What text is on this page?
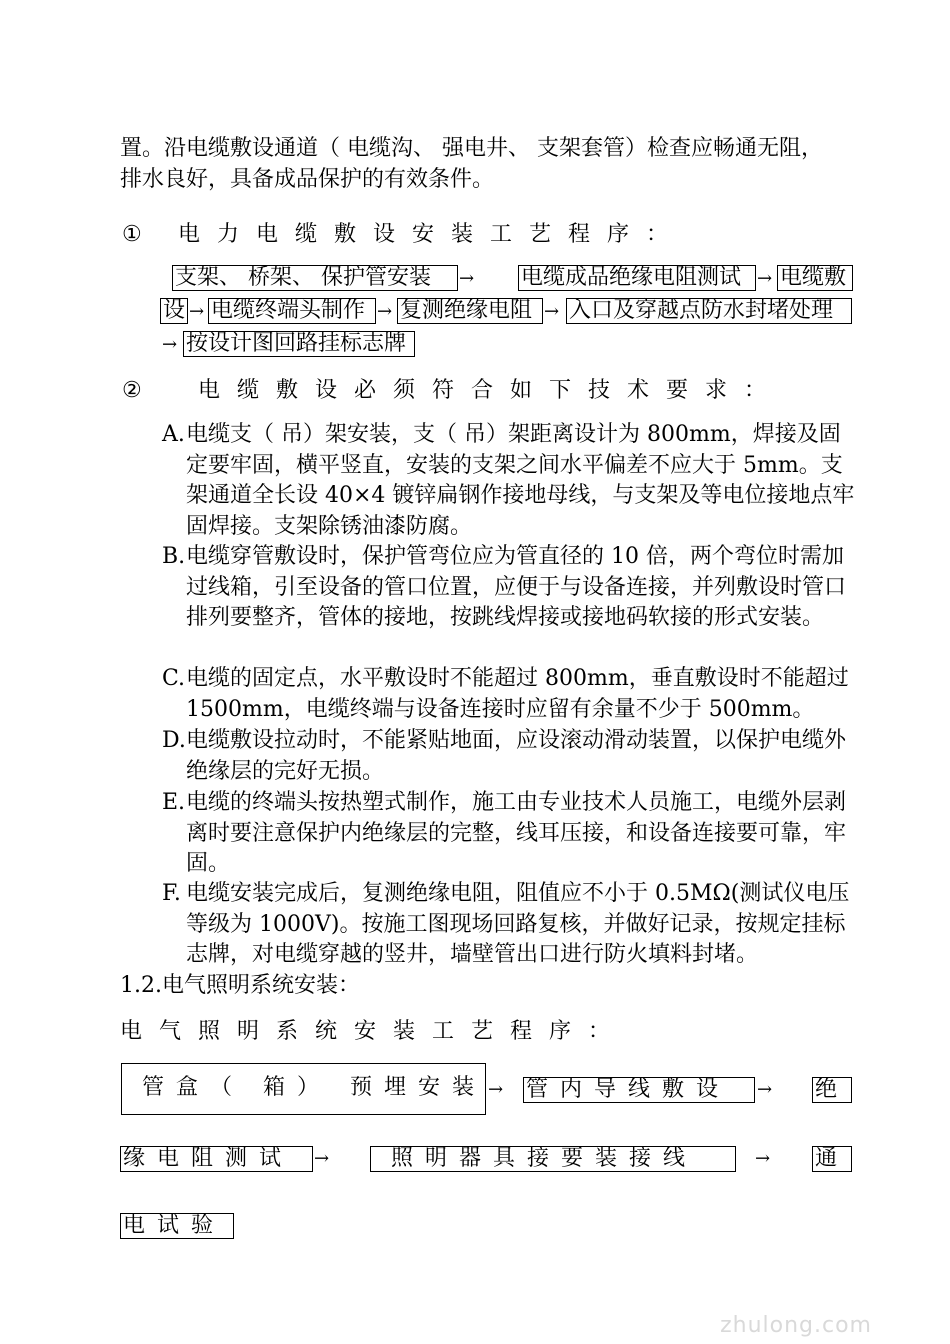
置。沿电缆敷设通道（ 电缆沟、 强电井、 支架套管）检查应畅通无阻，
排水良好，具备成品保护的有效条件。
① 电力电缆敷设安装工艺程序：
支架、 桥架、 保护管安装	→ 电缆成品绝缘电阻测试 → 电缆敷
设 → 电缆终端头制作 → 复测绝缘电阻 → 入口及穿越点防水封堵处理
→ 按设计图回路挂标志牌
②	电缆敷设必须符合如下技术要求：
A. 电缆支（ 吊）架安装，支（ 吊）架距离设计为 800mm，焊接及固定要牢固，横平竖直，安装的支架之间水平偏差不应大于 5mm。支架通道全长设 40×4 镀锌扁钢作接地母线，与支架及等电位接地点牢固焊接。支架除锈油漆防腐。
B. 电缆穿管敷设时，保护管弯位应为管直径的 10 倍，两个弯位时需加过线箱，引至设备的管口位置，应便于与设备连接，并列敷设时管口排列要整齐，管体的接地，按跳线焊接或接地码软接的形式安装。
C. 电缆的固定点，水平敷设时不能超过 800mm，垂直敷设时不能超过 1500mm，电缆终端与设备连接时应留有余量不少于 500mm。
D. 电缆敷设拉动时，不能紧贴地面，应设滚动滑动装置，以保护电缆外绝缘层的完好无损。
E. 电缆的终端头按热塑式制作，施工由专业技术人员施工，电缆外层剥离时要注意保护内绝缘层的完整，线耳压接，和设备连接要可靠，牢固。
F. 电缆安装完成后，复测绝缘电阻，阻值应不小于 0.5MΩ(测试仪电压等级为 1000V)。按施工图现场回路复核，并做好记录，按规定挂标志牌，对电缆穿越的竖井，墙壁管出口进行防火填料封堵。
1.2.电气照明系统安装：
电气照明系统安装工艺程序：
管盒（ 箱） 预埋安装 → 管内导线敷设	→ 绝
缘电阻测试	→	照明器具接要装接线	→ 通
电试验
zhulong.com
